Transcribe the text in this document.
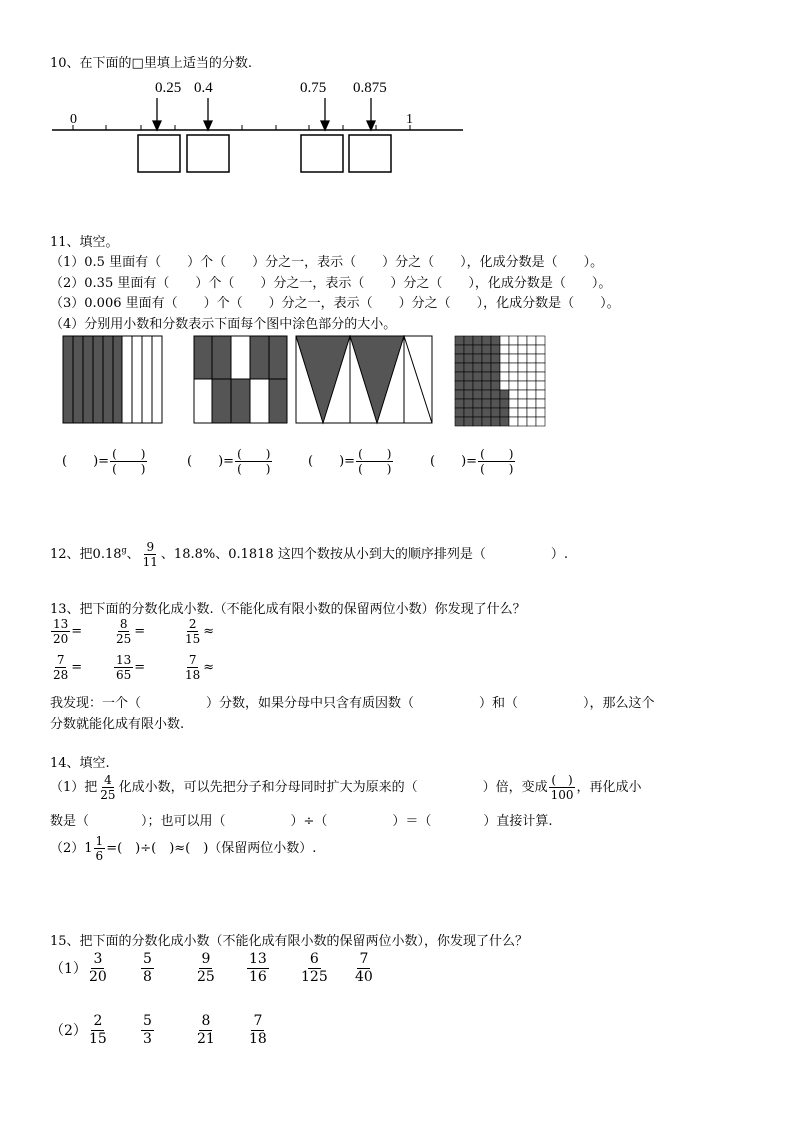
10、在下面的□里填上适当的分数.
0.25 0.4	0.75 0.875
0	1
11、填空。
（1）0.5 里面有（　　）个（　　）分之一，表示（　　）分之（　　），化成分数是（　　）。
（2）0.35 里面有（　　）个（　　）分之一，表示（　　）分之（　　），化成分数是（　　）。
（3）0.006 里面有（　　）个（　　）分之一，表示（　　）分之（　　），化成分数是（　　）。
（4）分别用小数和分数表示下面每个图中涂色部分的大小。
(　　)= $\frac{( )}{( )}$	(　　)= $\frac{( )}{( )}$	(　　)= $\frac{( )}{( )}$	(　　)= $\frac{( )}{( )}$
12、把0.18$^g$、 $\frac{9}{11}$ 、18.8%、0.1818 这四个数按从小到大的顺序排列是（　　　　　）.
13、把下面的分数化成小数.（不能化成有限小数的保留两位小数）你发现了什么？
$\frac{13}{20}$ =	$\frac{8}{25}$ =	$\frac{2}{15}$ ≈
$\frac{7}{28}$ =	$\frac{13}{65}$ =	$\frac{7}{18}$ ≈
我发现：一个（　　　　　）分数，如果分母中只含有质因数（　　　　　）和（　　　　　），那么这个
分数就能化成有限小数.
14、填空.
（1）把 $\frac{4}{25}$ 化成小数，可以先把分子和分母同时扩大为原来的（　　　　　）倍，变成 $\frac{( )}{100}$ ，再化成小
数是（　　　　）；也可以用（　　　　　）÷（　　　　　）＝（　　　　）直接计算.
$(2)1 \frac{1}{6}$ =(　)÷(　)≈(　)（保留两位小数）.
15、把下面的分数化成小数（不能化成有限小数的保留两位小数），你发现了什么？
$(1) \frac{3}{20} \frac{5}{8}$	$\frac{9}{25} \frac{13}{16} \frac{6}{125} \frac{7}{40}$
$(2) \frac{2}{15} \frac{5}{3}$	$\frac{8}{21} \frac{7}{18}$
